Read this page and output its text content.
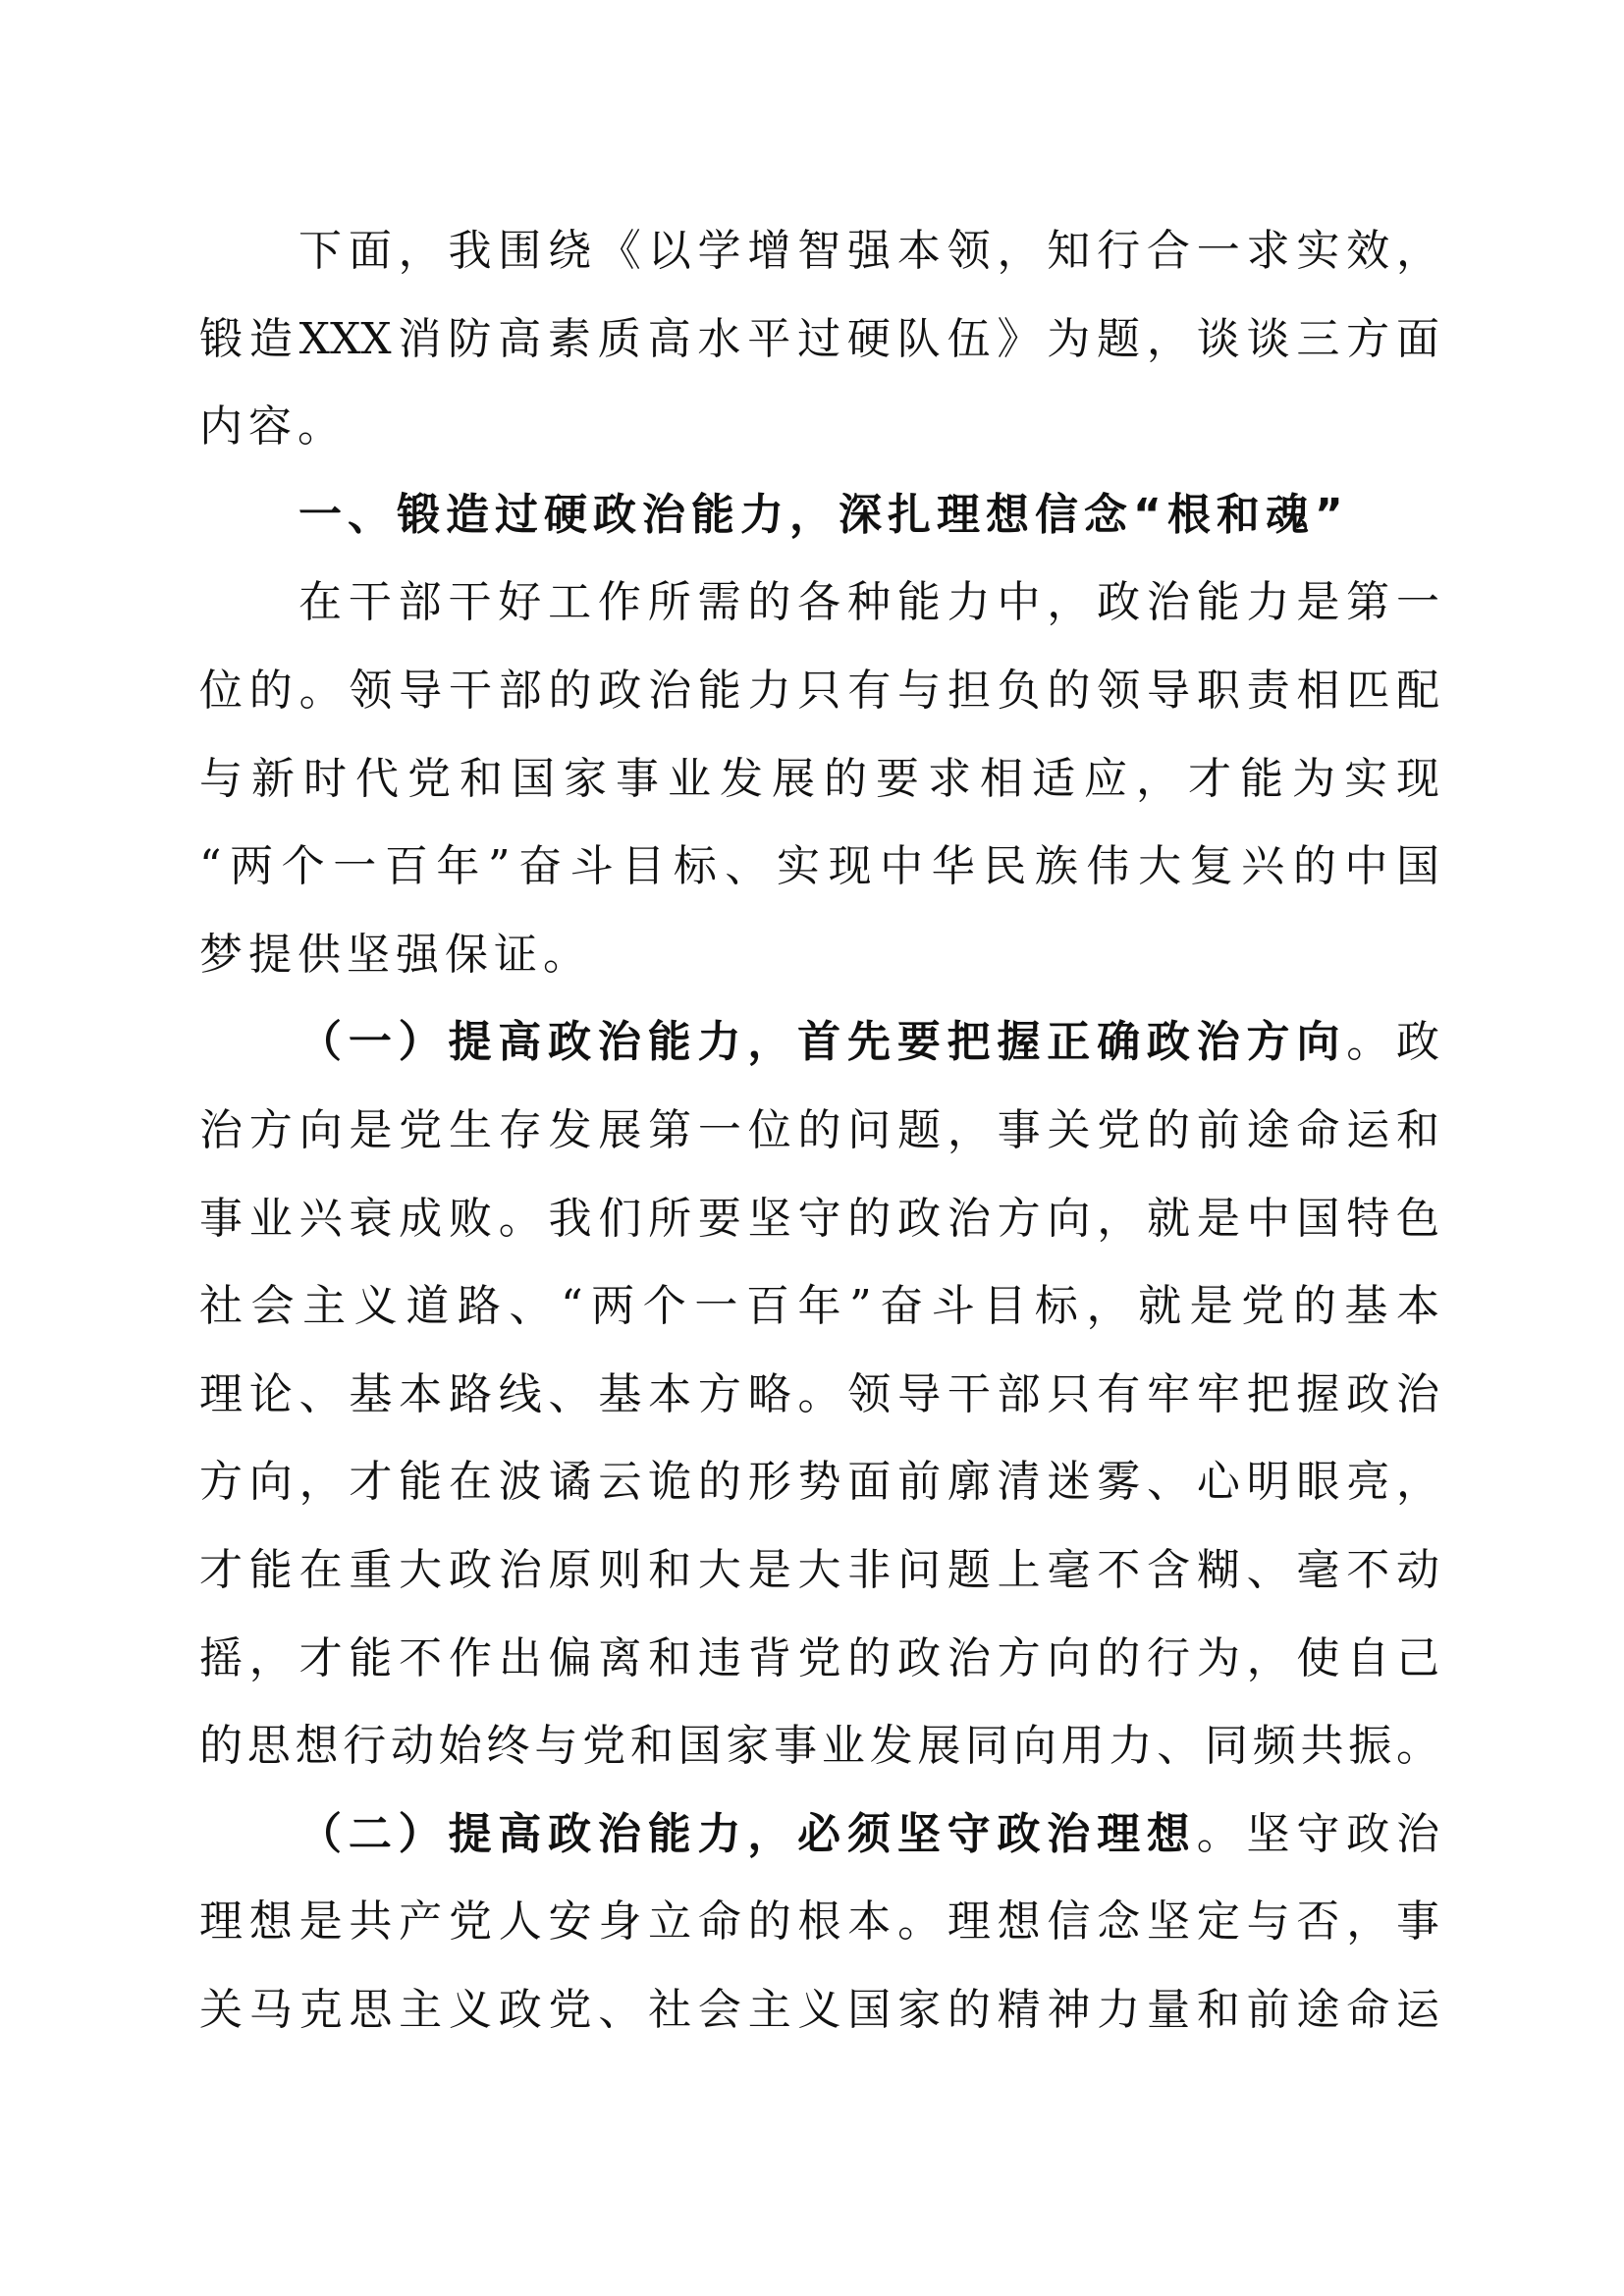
下面，我围绕《以学增智强本领，知行合一求实效，
锻造XXX消防高素质高水平过硬队伍》为题，谈谈三方面
内容。
一、锻造过硬政治能力，深扎理想信念“根和魂”
在干部干好工作所需的各种能力中，政治能力是第一
位的。领导干部的政治能力只有与担负的领导职责相匹配
与新时代党和国家事业发展的要求相适应，才能为实现
“两个一百年”奋斗目标、实现中华民族伟大复兴的中国
梦提供坚强保证。
（一）提高政治能力，首先要把握正确政治方向。政
治方向是党生存发展第一位的问题，事关党的前途命运和
事业兴衰成败。我们所要坚守的政治方向，就是中国特色
社会主义道路、“两个一百年”奋斗目标，就是党的基本
理论、基本路线、基本方略。领导干部只有牢牢把握政治
方向，才能在波谲云诡的形势面前廓清迷雾、心明眼亮，
才能在重大政治原则和大是大非问题上毫不含糊、毫不动
摇，才能不作出偏离和违背党的政治方向的行为，使自己
的思想行动始终与党和国家事业发展同向用力、同频共振。
（二）提高政治能力，必须坚守政治理想。坚守政治
理想是共产党人安身立命的根本。理想信念坚定与否，事
关马克思主义政党、社会主义国家的精神力量和前途命运
